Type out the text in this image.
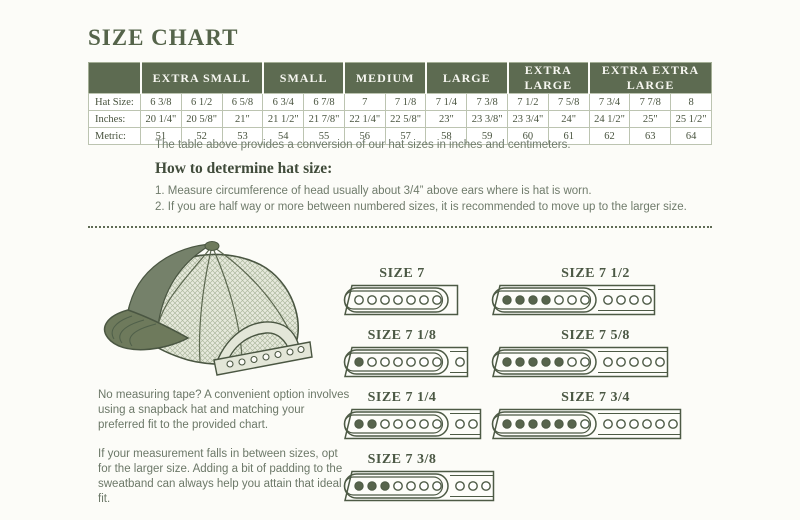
SIZE CHART
	EXTRA SMALL			SMALL		MEDIUM		LARGE		EXTRA LARGE		EXTRA EXTRA LARGE		
Hat Size:	6 3/8	6 1/2	6 5/8	6 3/4	6 7/8	7	7 1/8	7 1/4	7 3/8	7 1/2	7 5/8	7 3/4	7 7/8	8
Inches:	20 1/4"	20 5/8"	21"	21 1/2"	21 7/8"	22 1/4"	22 5/8"	23"	23 3/8"	23 3/4"	24"	24 1/2"	25"	25 1/2"
Metric:	51	52	53	54	55	56	57	58	59	60	61	62	63	64
The table above provides a conversion of our hat sizes in inches and centimeters.
How to determine hat size:
1. Measure circumference of head usually about 3/4” above ears where is hat is worn.
2. If you are half way or more between numbered sizes, it is recommended to move up to the larger size.

No measuring tape? A convenient option involves using a snapback hat and matching your preferred fit to the provided chart.

If your measurement falls in between sizes, opt for the larger size. Adding a bit of padding to the sweatband can always help you attain that ideal fit.

SIZE 7
SIZE 7 1/8
SIZE 7 1/4
SIZE 7 3/8
SIZE 7 1/2
SIZE 7 5/8
SIZE 7 3/4
